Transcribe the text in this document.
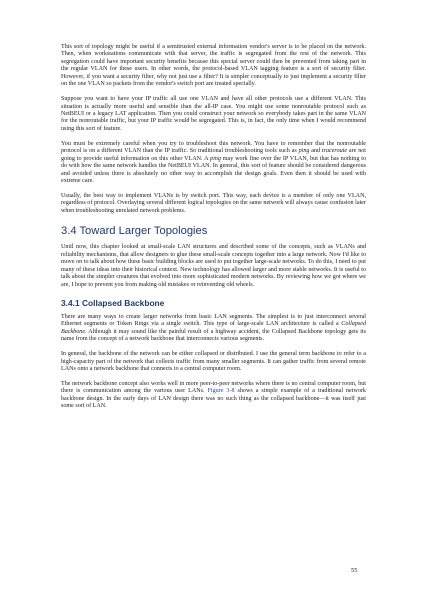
This sort of topology might be useful if a semitrusted external information vendor's server is to be placed on the network. Then, when workstations communicate with that server, the traffic is segregated from the rest of the network. This segregation could have important security benefits because this special server could then be prevented from taking part in the regular VLAN for these users. In other words, the protocol-based VLAN tagging feature is a sort of security filter. However, if you want a security filter, why not just use a filter? It is simpler conceptually to just implement a security filter on the one VLAN so packets from the vendor's switch port are treated specially.

Suppose you want to have your IP traffic all use one VLAN and have all other protocols use a different VLAN. This situation is actually more useful and sensible than the all-IP case. You might use some nonroutable protocol such as NetBEUI or a legacy LAT application. Then you could construct your network so everybody takes part in the same VLAN for the nonroutable traffic, but your IP traffic would be segregated. This is, in fact, the only time when I would recommend using this sort of feature.

You must be extremely careful when you try to troubleshoot this network. You have to remember that the nonroutable protocol is on a different VLAN than the IP traffic. So traditional troubleshooting tools such as ping and traceroute are not going to provide useful information on this other VLAN. A ping may work fine over the IP VLAN, but that has nothing to do with how the same network handles the NetBEUI VLAN. In general, this sort of feature should be considered dangerous and avoided unless there is absolutely no other way to accomplish the design goals. Even then it should be used with extreme care.

Usually, the best way to implement VLANs is by switch port. This way, each device is a member of only one VLAN, regardless of protocol. Overlaying several different logical topologies on the same network will always cause confusion later when troubleshooting unrelated network problems.

3.4 Toward Larger Topologies

Until now, this chapter looked at small-scale LAN structures and described some of the concepts, such as VLANs and reliability mechanisms, that allow designers to glue these small-scale concepts together into a large network. Now I'd like to move on to talk about how these basic building blocks are used to put together large-scale networks. To do this, I need to put many of these ideas into their historical context. New technology has allowed larger and more stable networks. It is useful to talk about the simpler creatures that evolved into more sophisticated modern networks. By reviewing how we got where we are, I hope to prevent you from making old mistakes or reinventing old wheels.

3.4.1 Collapsed Backbone

There are many ways to create larger networks from basic LAN segments. The simplest is to just interconnect several Ethernet segments or Token Rings via a single switch. This type of large-scale LAN architecture is called a Collapsed Backbone. Although it may sound like the painful result of a highway accident, the Collapsed Backbone topology gets its name from the concept of a network backbone that interconnects various segments.

In general, the backbone of the network can be either collapsed or distributed. I use the general term backbone to refer to a high-capacity part of the network that collects traffic from many smaller segments. It can gather traffic from several remote LANs onto a network backbone that connects to a central computer room.

The network backbone concept also works well in more peer-to-peer networks where there is no central computer room, but there is communication among the various user LANs. Figure 3-8 shows a simple example of a traditional network backbone design. In the early days of LAN design there was no such thing as the collapsed backbone—it was itself just some sort of LAN.

55
